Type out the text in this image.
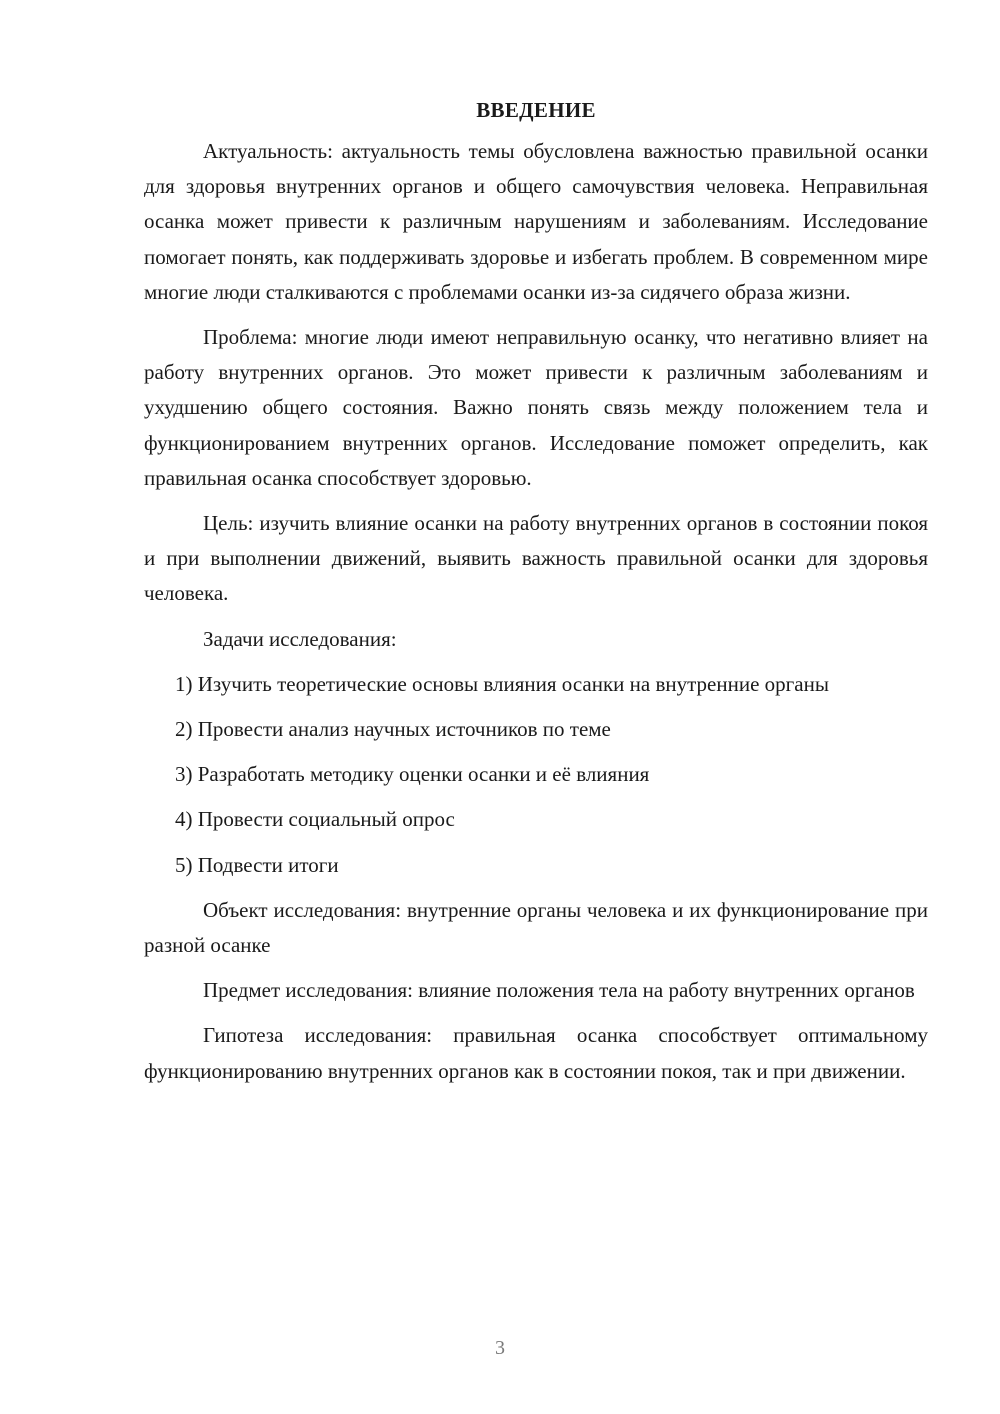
ВВЕДЕНИЕ

Актуальность: актуальность темы обусловлена важностью правильной осанки для здоровья внутренних органов и общего самочувствия человека. Неправильная осанка может привести к различным нарушениям и заболеваниям. Исследование помогает понять, как поддерживать здоровье и избегать проблем. В современном мире многие люди сталкиваются с проблемами осанки из-за сидячего образа жизни.

Проблема: многие люди имеют неправильную осанку, что негативно влияет на работу внутренних органов. Это может привести к различным заболеваниям и ухудшению общего состояния. Важно понять связь между положением тела и функционированием внутренних органов. Исследование поможет определить, как правильная осанка способствует здоровью.

Цель: изучить влияние осанки на работу внутренних органов в состоянии покоя и при выполнении движений, выявить важность правильной осанки для здоровья человека.

Задачи исследования:

1) Изучить теоретические основы влияния осанки на внутренние органы

2) Провести анализ научных источников по теме

3) Разработать методику оценки осанки и её влияния

4) Провести социальный опрос

5) Подвести итоги

Объект исследования: внутренние органы человека и их функционирование при разной осанке

Предмет исследования: влияние положения тела на работу внутренних органов

Гипотеза исследования: правильная осанка способствует оптимальному функционированию внутренних органов как в состоянии покоя, так и при движении.

3
